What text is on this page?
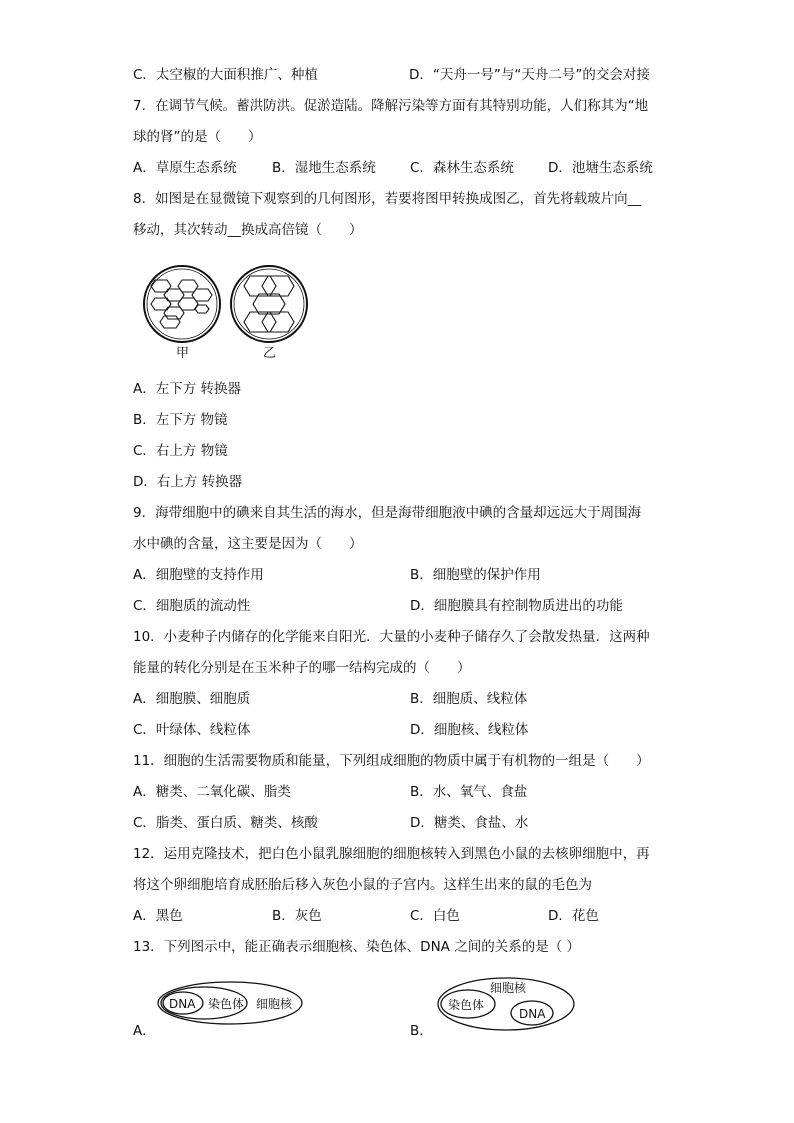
C．太空椒的大面积推广、种植	D．“天舟一号”与“天舟二号”的交会对接
7．在调节气候。蓄洪防洪。促淤造陆。降解污染等方面有其特别功能，人们称其为“地
球的肾”的是（　　）
A．草原生态系统	B．湿地生态系统	C．森林生态系统	D．池塘生态系统
8．如图是在显微镜下观察到的几何图形，若要将图甲转换成图乙，首先将载玻片向__
移动，其次转动__换成高倍镜（　　）
甲	乙
A．左下方 转换器
B．左下方 物镜
C．右上方 物镜
D．右上方 转换器
9．海带细胞中的碘来自其生活的海水，但是海带细胞液中碘的含量却远远大于周围海
水中碘的含量，这主要是因为（　　）
A．细胞壁的支持作用	B．细胞壁的保护作用
C．细胞质的流动性	D．细胞膜具有控制物质进出的功能
10．小麦种子内储存的化学能来自阳光．大量的小麦种子储存久了会散发热量．这两种
能量的转化分别是在玉米种子的哪一结构完成的（　　）
A．细胞膜、细胞质	B．细胞质、线粒体
C．叶绿体、线粒体	D．细胞核、线粒体
11．细胞的生活需要物质和能量，下列组成细胞的物质中属于有机物的一组是（　　）
A．糖类、二氧化碳、脂类	B．水、氧气、食盐
C．脂类、蛋白质、糖类、核酸	D．糖类、食盐、水
12．运用克隆技术，把白色小鼠乳腺细胞的细胞核转入到黑色小鼠的去核卵细胞中，再
将这个卵细胞培育成胚胎后移入灰色小鼠的子宫内。这样生出来的鼠的毛色为
A．黑色	B．灰色	C．白色	D．花色
13．下列图示中，能正确表示细胞核、染色体、DNA 之间的关系的是（ ）
A．
DNA 染色体 细胞核
B．
细胞核
染色体
DNA
